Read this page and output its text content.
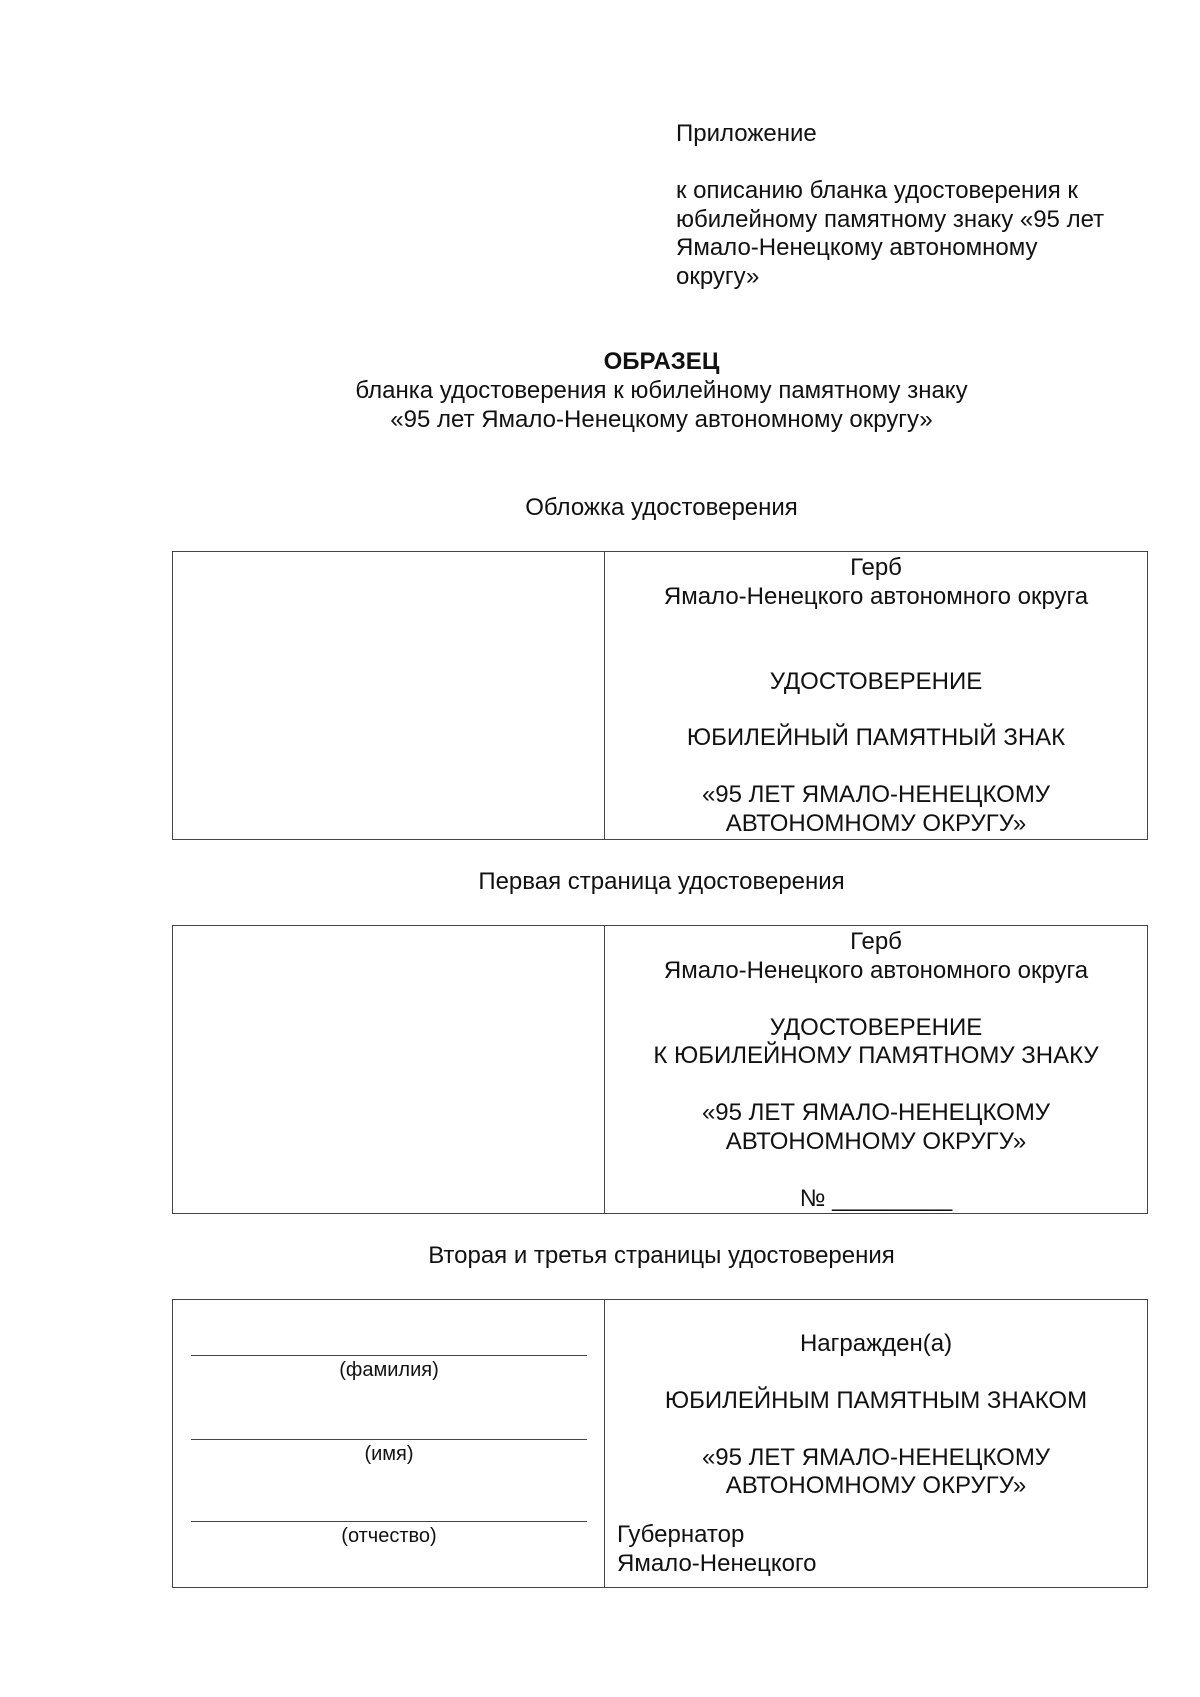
Приложение

к описанию бланка удостоверения к

юбилейному памятному знаку «95 лет

Ямало-Ненецкому автономному

округу»

ОБРАЗЕЦ
бланка удостоверения к юбилейному памятному знаку
«95 лет Ямало-Ненецкому автономному округу»
Обложка удостоверения

Герб

Ямало-Ненецкого автономного округа

УДОСТОВЕРЕНИЕ

ЮБИЛЕЙНЫЙ ПАМЯТНЫЙ ЗНАК

«95 ЛЕТ ЯМАЛО-НЕНЕЦКОМУ

АВТОНОМНОМУ ОКРУГУ»

Первая страница удостоверения

Герб

Ямало-Ненецкого автономного округа

УДОСТОВЕРЕНИЕ

К ЮБИЛЕЙНОМУ ПАМЯТНОМУ ЗНАКУ

«95 ЛЕТ ЯМАЛО-НЕНЕЦКОМУ

АВТОНОМНОМУ ОКРУГУ»

№ _________

Вторая и третья страницы удостоверения
(фамилия)
(имя)
(отчество)

Награжден(а)

ЮБИЛЕЙНЫМ ПАМЯТНЫМ ЗНАКОМ

«95 ЛЕТ ЯМАЛО-НЕНЕЦКОМУ

АВТОНОМНОМУ ОКРУГУ»

Губернатор

Ямало-Ненецкого
